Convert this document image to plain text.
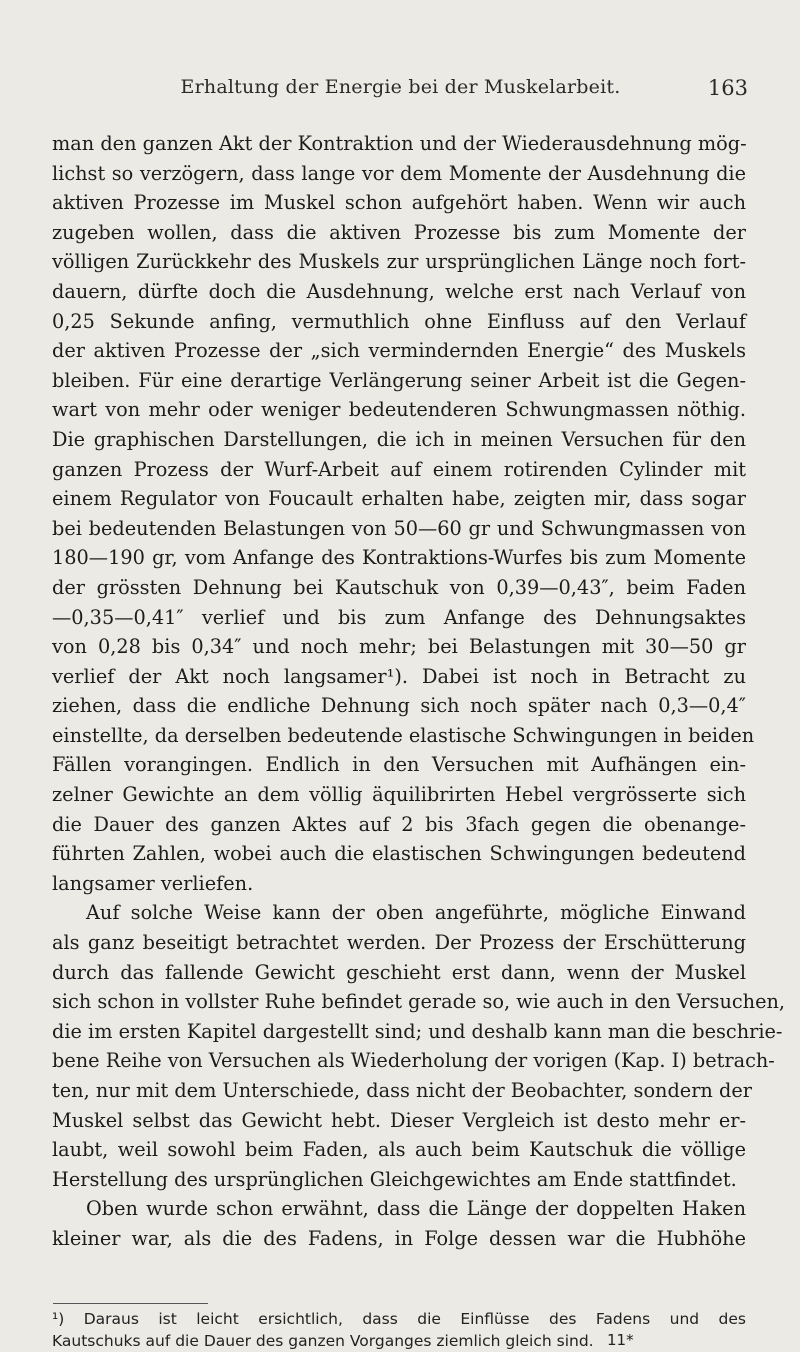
Erhaltung der Energie bei der Muskelarbeit.	163
man den ganzen Akt der Kontraktion und der Wiederausdehnung mög-
lichst so verzögern, dass lange vor dem Momente der Ausdehnung die
aktiven Prozesse im Muskel schon aufgehört haben. Wenn wir auch
zugeben wollen, dass die aktiven Prozesse bis zum Momente der
völligen Zurückkehr des Muskels zur ursprünglichen Länge noch fort-
dauern, dürfte doch die Ausdehnung, welche erst nach Verlauf von
0,25 Sekunde anfing, vermuthlich ohne Einfluss auf den Verlauf
der aktiven Prozesse der „sich vermindernden Energie“ des Muskels
bleiben. Für eine derartige Verlängerung seiner Arbeit ist die Gegen-
wart von mehr oder weniger bedeutenderen Schwungmassen nöthig.
Die graphischen Darstellungen, die ich in meinen Versuchen für den
ganzen Prozess der Wurf-Arbeit auf einem rotirenden Cylinder mit
einem Regulator von Foucault erhalten habe, zeigten mir, dass sogar
bei bedeutenden Belastungen von 50—60 gr und Schwungmassen von
180—190 gr, vom Anfange des Kontraktions-Wurfes bis zum Momente
der grössten Dehnung bei Kautschuk von 0,39—0,43″, beim Faden
—0,35—0,41″ verlief und bis zum Anfange des Dehnungsaktes
von 0,28 bis 0,34″ und noch mehr; bei Belastungen mit 30—50 gr
verlief der Akt noch langsamer¹). Dabei ist noch in Betracht zu
ziehen, dass die endliche Dehnung sich noch später nach 0,3—0,4″
einstellte, da derselben bedeutende elastische Schwingungen in beiden
Fällen vorangingen. Endlich in den Versuchen mit Aufhängen ein-
zelner Gewichte an dem völlig äquilibrirten Hebel vergrösserte sich
die Dauer des ganzen Aktes auf 2 bis 3fach gegen die obenange-
führten Zahlen, wobei auch die elastischen Schwingungen bedeutend
langsamer verliefen.
Auf solche Weise kann der oben angeführte, mögliche Einwand
als ganz beseitigt betrachtet werden. Der Prozess der Erschütterung
durch das fallende Gewicht geschieht erst dann, wenn der Muskel
sich schon in vollster Ruhe befindet gerade so, wie auch in den Versuchen,
die im ersten Kapitel dargestellt sind; und deshalb kann man die beschrie-
bene Reihe von Versuchen als Wiederholung der vorigen (Kap. I) betrach-
ten, nur mit dem Unterschiede, dass nicht der Beobachter, sondern der
Muskel selbst das Gewicht hebt. Dieser Vergleich ist desto mehr er-
laubt, weil sowohl beim Faden, als auch beim Kautschuk die völlige
Herstellung des ursprünglichen Gleichgewichtes am Ende stattfindet.
Oben wurde schon erwähnt, dass die Länge der doppelten Haken
kleiner war, als die des Fadens, in Folge dessen war die Hubhöhe
¹) Daraus ist leicht ersichtlich, dass die Einflüsse des Fadens und des
Kautschuks auf die Dauer des ganzen Vorganges ziemlich gleich sind. 11*
